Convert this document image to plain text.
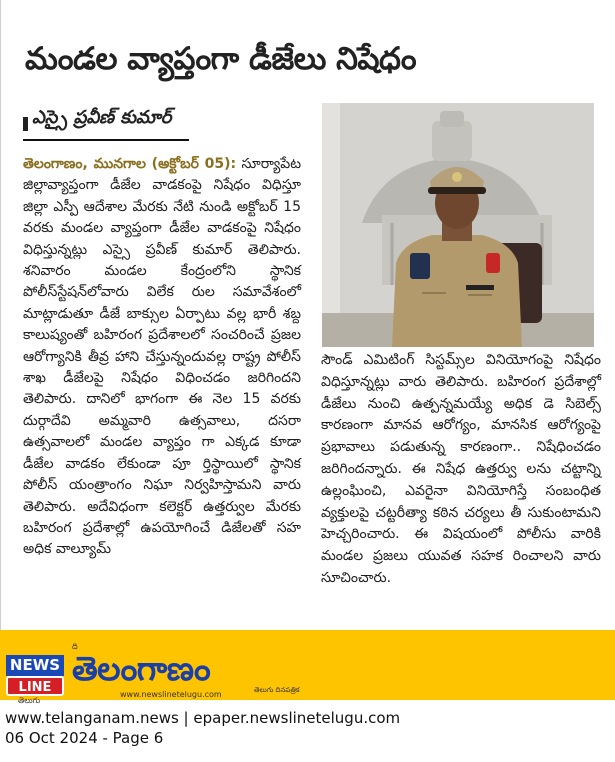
మండల వ్యాప్తంగా డీజేలు నిషేధం
ఎస్సై ప్రవీణ్ కుమార్
తెలంగాణం, మునగాల (అక్టోబర్ 05): సూర్యాపేట జిల్లావ్యాప్తంగా డీజేల వాడకంపై నిషేధం విధిస్తూ జిల్లా ఎస్పీ ఆదేశాల మేరకు నేటి నుండి అక్టోబర్ 15 వరకు మండల వ్యాప్తంగా డీజేల వాడకంపై నిషేధం విధిస్తున్నట్లు ఎస్సై ప్రవీణ్ కుమార్ తెలిపారు. శనివారం మండల కేంద్రంలోని స్థానిక పోలీస్‌స్టేషన్‌లోవారు విలేక రుల సమావేశంలో మాట్లాడుతూ డీజే బాక్సుల ఏర్పాటు వల్ల భారీ శబ్ద కాలుష్యంతో బహిరంగ ప్రదేశాలలో సంచరించే ప్రజల ఆరోగ్యానికి తీవ్ర హాని చేస్తున్నందువల్ల రాష్ట్ర పోలీస్ శాఖ డీజేలపై నిషేధం విధించడం జరిగిందని తెలిపారు. దానిలో భాగంగా ఈ నెల 15 వరకు దుర్గాదేవి అమ్మవారి ఉత్సవాలు, దసరా ఉత్సవాలలో మండల వ్యాప్తం గా ఎక్కడ కూడా డీజేల వాడకం లేకుండా పూ ర్తిస్థాయిలో స్థానిక పోలీస్ యంత్రాంగం నిఘా నిర్వహిస్తామని వారు తెలిపారు. అదేవిధంగా కలెక్టర్ ఉత్తర్వుల మేరకు బహిరంగ ప్రదేశాల్లో ఉపయోగించే డిజేలతో సహ అధిక వాల్యూమ్
సౌండ్ ఎమిటింగ్ సిస్టమ్స్‌ల వినియోగంపై నిషేధం విధిస్తూన్నట్లు వారు తెలిపారు. బహిరంగ ప్రదేశాల్లో డీజేలు నుంచి ఉత్పన్నమయ్యే అధిక డె సిబెల్స్ కారణంగా మానవ ఆరోగ్యం, మానసిక ఆరోగ్యంపై ప్రభావాలు పడుతున్న కారణంగా.. నిషేధించడం జరిగిందన్నారు. ఈ నిషేధ ఉత్తర్వు లను చట్టాన్ని ఉల్లంఘించి, ఎవరైనా వినియోగిస్తే సంబంధిత వ్యక్తులపై చట్టరీత్యా కఠిన చర్యలు తీ సుకుంటామని హెచ్చరించారు. ఈ విషయంలో పోలీసు వారికి మండల ప్రజలు యువత సహక రించాలని వారు సూచించారు.
NEWS
LINE
తెలుగు
ది
తెలంగాణం
www.newslinetelugu.com	తెలుగు దినపత్రిక
www.telanganam.news | epaper.newslinetelugu.com
06 Oct 2024 - Page 6
